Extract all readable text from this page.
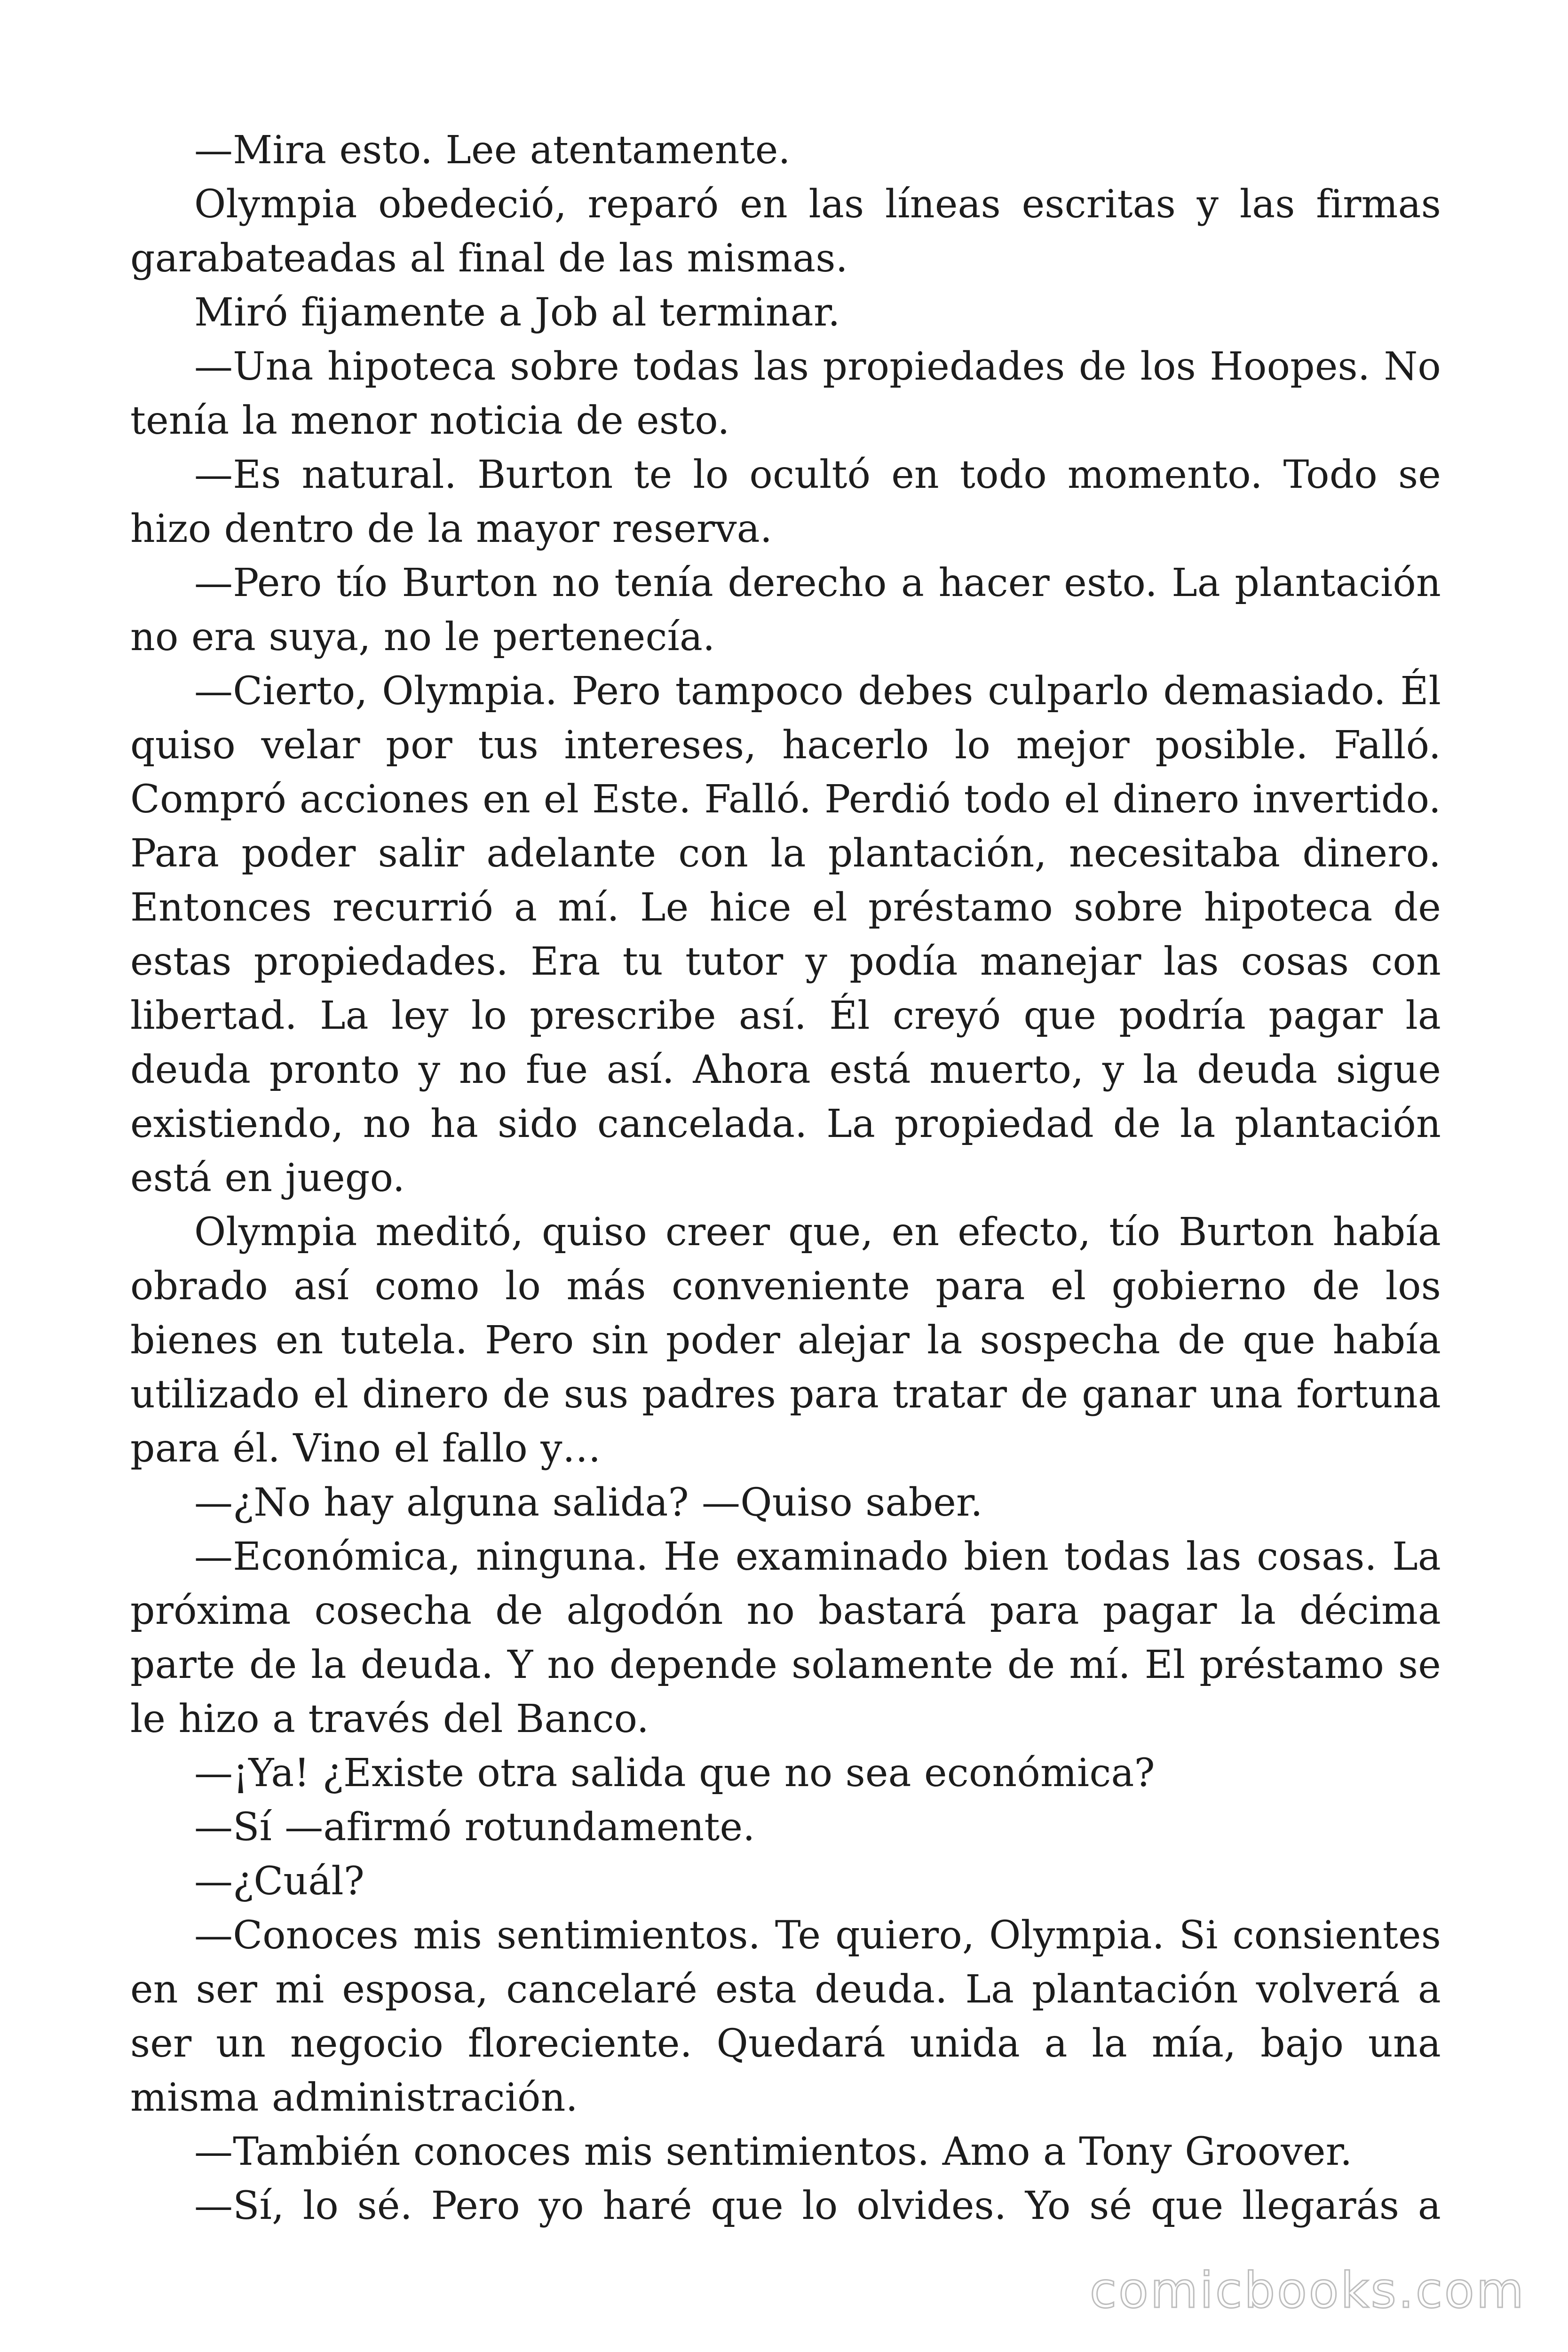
—Mira esto. Lee atentamente.

Olympia obedeció, reparó en las líneas escritas y las firmas garabateadas al final de las mismas.

Miró fijamente a Job al terminar.

—Una hipoteca sobre todas las propiedades de los Hoopes. No tenía la menor noticia de esto.

—Es natural. Burton te lo ocultó en todo momento. Todo se hizo dentro de la mayor reserva.

—Pero tío Burton no tenía derecho a hacer esto. La plantación no era suya, no le pertenecía.

—Cierto, Olympia. Pero tampoco debes culparlo demasiado. Él quiso velar por tus intereses, hacerlo lo mejor posible. Falló. Compró acciones en el Este. Falló. Perdió todo el dinero invertido. Para poder salir adelante con la plantación, necesitaba dinero. Entonces recurrió a mí. Le hice el préstamo sobre hipoteca de estas propiedades. Era tu tutor y podía manejar las cosas con libertad. La ley lo prescribe así. Él creyó que podría pagar la deuda pronto y no fue así. Ahora está muerto, y la deuda sigue existiendo, no ha sido cancelada. La propiedad de la plantación está en juego.

Olympia meditó, quiso creer que, en efecto, tío Burton había obrado así como lo más conveniente para el gobierno de los bienes en tutela. Pero sin poder alejar la sospecha de que había utilizado el dinero de sus padres para tratar de ganar una fortuna para él. Vino el fallo y…

—¿No hay alguna salida? —Quiso saber.

—Económica, ninguna. He examinado bien todas las cosas. La próxima cosecha de algodón no bastará para pagar la décima parte de la deuda. Y no depende solamente de mí. El préstamo se le hizo a través del Banco.

—¡Ya! ¿Existe otra salida que no sea económica?

—Sí —afirmó rotundamente.

—¿Cuál?

—Conoces mis sentimientos. Te quiero, Olympia. Si consientes en ser mi esposa, cancelaré esta deuda. La plantación volverá a ser un negocio floreciente. Quedará unida a la mía, bajo una misma administración.

—También conoces mis sentimientos. Amo a Tony Groover.

—Sí, lo sé. Pero yo haré que lo olvides. Yo sé que llegarás a

comicbooks.com
